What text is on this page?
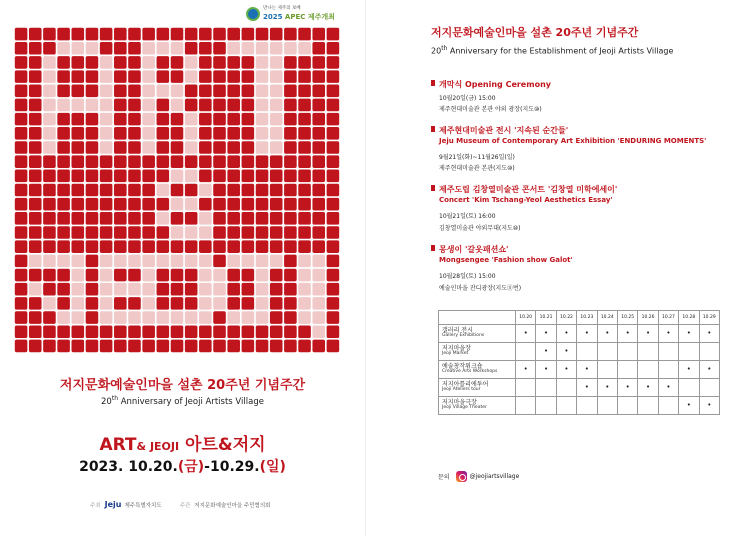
만나는 제주의 보배
2025 APEC 제주개최
저지문화예술인마을 설촌 20주년 기념주간
20th Anniversary of Jeoji Artists Village
ART& JEOJI 아트&저지
2023. 10.20.(금)-10.29.(일)
주최 Jeju 제주특별자치도	주관 저지문화예술인마을 주민협의회
저지문화예술인마을 설촌 20주년 기념주간
20th Anniversary for the Establishment of Jeoji Artists Village
개막식 Opening Ceremony
10월20일(금) 15:00
제주현대미술관 본관 야외 광장(지도⑩)
제주현대미술관 전시 '지속된 순간들'
Jeju Museum of Contemporary Art Exhibition 'ENDURING MOMENTS'
9월21일(화)~11월26일(일)
제주현대미술관 본관(지도⑩)
제주도립 김창열미술관 콘서트 '김창열 미학에세이'
Concert 'Kim Tschang-Yeol Aesthetics Essay'
10월21일(토) 16:00
김창열미술관 야외무대(지도⑩)
몽생이 '갈옷패션쇼'
Mongsengee 'Fashion show Galot'
10월28일(토) 15:00
예술인마을 잔디광장(지도⑪번)
	10.20	10.21	10.22	10.23	10.24	10.25	10.26	10.27	10.28	10.29

갤러리 전시
Gallery Exhibitions	•	•	•	•	•	•	•	•	•	•

저지마을장
Jeoji Market		•	•							

예술창작워크숍
Creative Arts Workshops	•	•	•	•					•	•

저지아틀리에투어
Jeoji Ateliers tour				•	•	•	•	•		

저지마을극장
Jeoji Village Theater									•	•
문의	@jeojiartsvillage
